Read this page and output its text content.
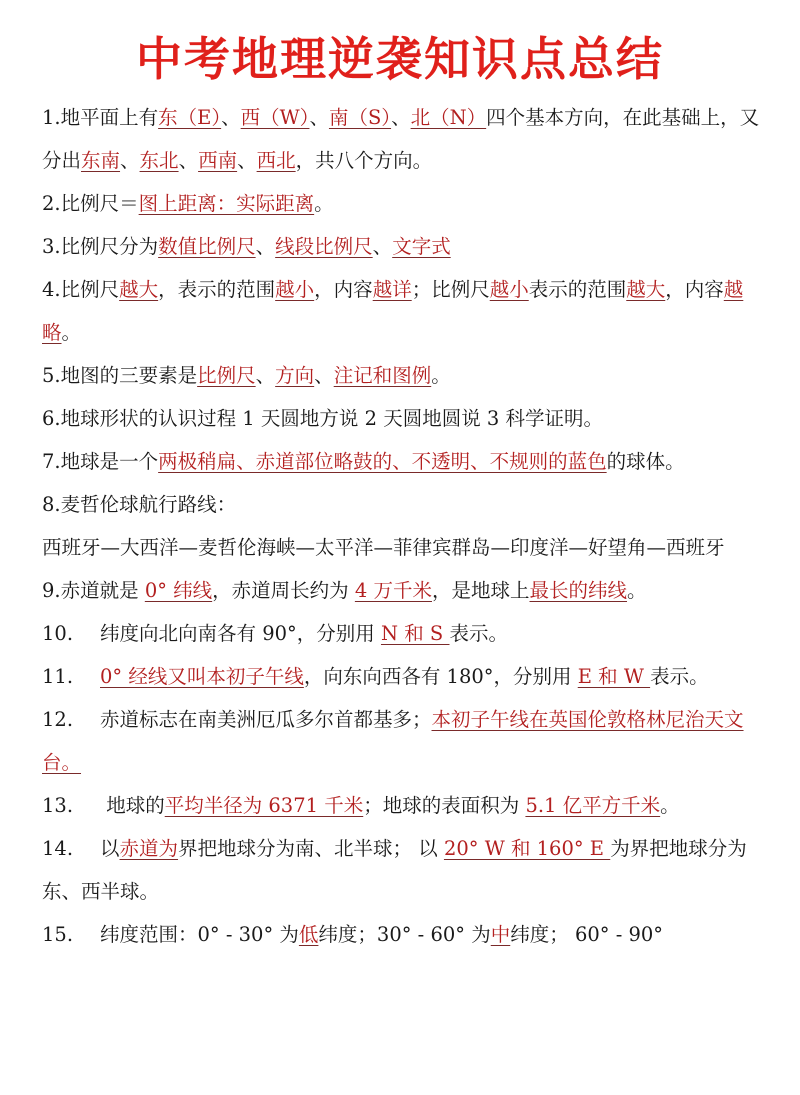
中考地理逆袭知识点总结

1.地平面上有东（E）、西（W）、南（S）、北（N）四个基本方向，在此基础上，又分出东南、东北、西南、西北，共八个方向。

2.比例尺＝图上距离：实际距离。

3.比例尺分为数值比例尺、线段比例尺、文字式

4.比例尺越大，表示的范围越小，内容越详；比例尺越小表示的范围越大，内容越略。

5.地图的三要素是比例尺、方向、注记和图例。

6.地球形状的认识过程 1 天圆地方说 2 天圆地圆说 3 科学证明。

7.地球是一个两极稍扁、赤道部位略鼓的、不透明、不规则的蓝色的球体。

8.麦哲伦球航行路线：

西班牙—大西洋—麦哲伦海峡—太平洋—菲律宾群岛—印度洋—好望角—西班牙

9.赤道就是 0° 纬线，赤道周长约为 4 万千米，是地球上最长的纬线。

10. 纬度向北向南各有 90°，分别用 N 和 S 表示。

11. 0° 经线又叫本初子午线，向东向西各有 180°，分别用 E 和 W 表示。

12. 赤道标志在南美洲厄瓜多尔首都基多；本初子午线在英国伦敦格林尼治天文台。

13. 地球的平均半径为 6371 千米；地球的表面积为 5.1 亿平方千米。

14. 以赤道为界把地球分为南、北半球； 以 20° W 和 160° E 为界把地球分为东、西半球。

15. 纬度范围：0° - 30° 为低纬度；30° - 60° 为中纬度； 60° - 90°
